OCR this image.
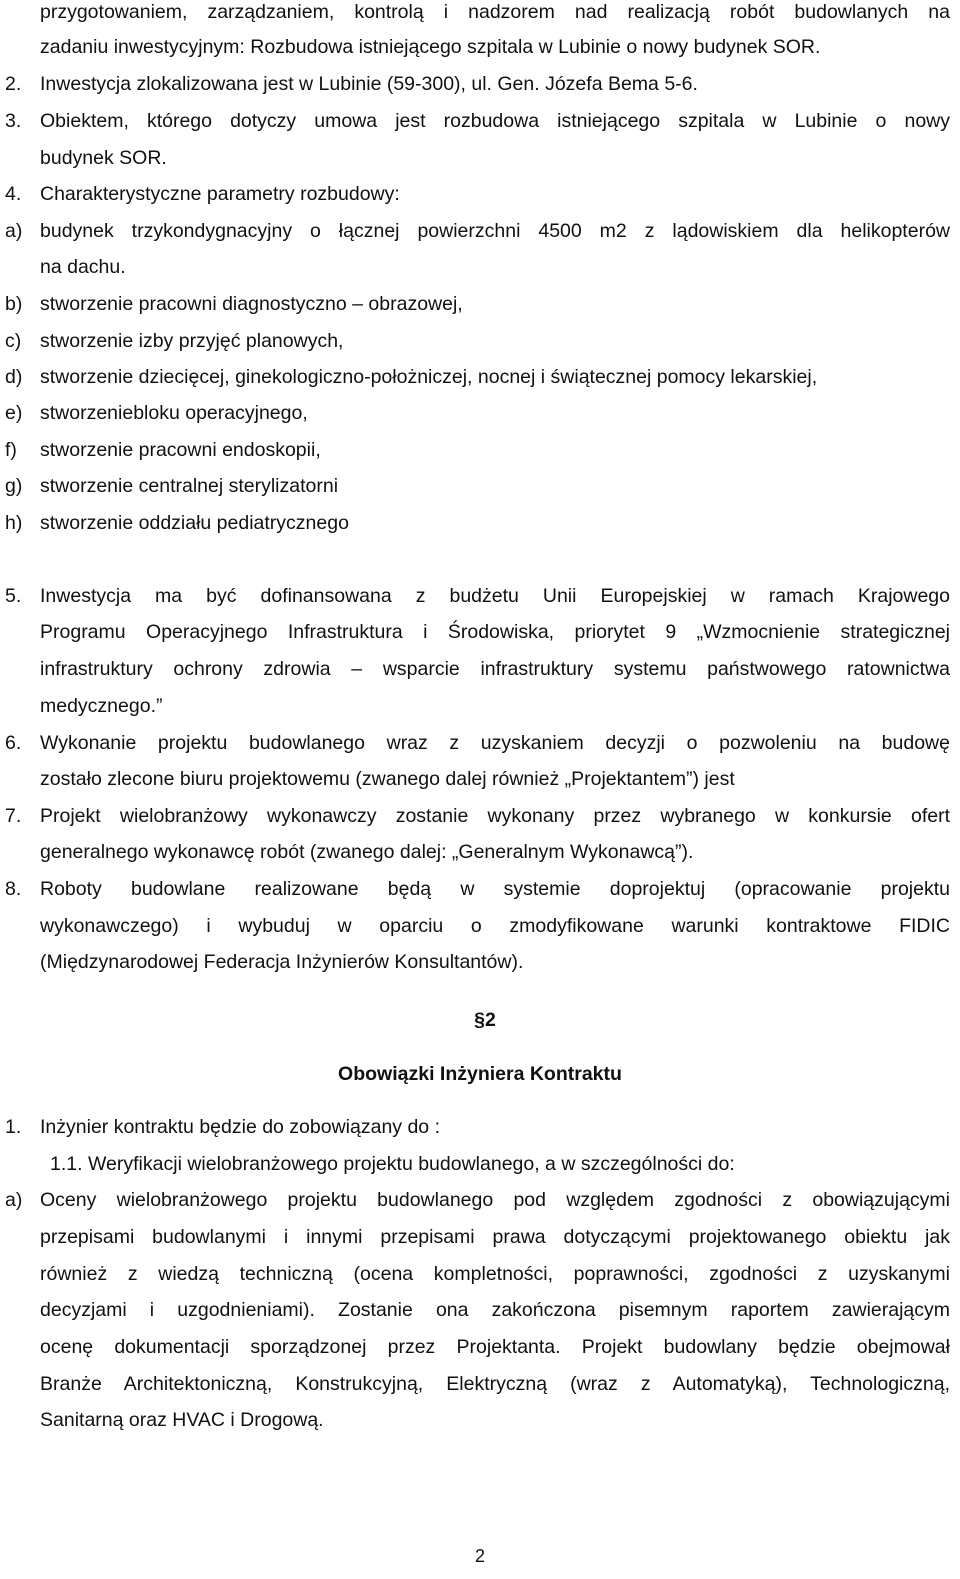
przygotowaniem, zarządzaniem, kontrolą i nadzorem nad realizacją robót budowlanych na
zadaniu inwestycyjnym: Rozbudowa istniejącego szpitala w Lubinie o nowy budynek SOR.
2. Inwestycja zlokalizowana jest w Lubinie (59-300), ul. Gen. Józefa Bema 5-6.
3. Obiektem, którego dotyczy umowa jest rozbudowa istniejącego szpitala w Lubinie o nowy
budynek SOR.
4. Charakterystyczne parametry rozbudowy:
a) budynek trzykondygnacyjny o łącznej powierzchni 4500 m2 z lądowiskiem dla helikopterów
na dachu.
b) stworzenie pracowni diagnostyczno – obrazowej,
c) stworzenie izby przyjęć planowych,
d) stworzenie dziecięcej, ginekologiczno-położniczej, nocnej i świątecznej pomocy lekarskiej,
e) stworzeniebloku operacyjnego,
f) stworzenie pracowni endoskopii,
g) stworzenie centralnej sterylizatorni
h) stworzenie oddziału pediatrycznego
5. Inwestycja ma być dofinansowana z budżetu Unii Europejskiej w ramach Krajowego
Programu Operacyjnego Infrastruktura i Środowiska, priorytet 9 „Wzmocnienie strategicznej
infrastruktury ochrony zdrowia – wsparcie infrastruktury systemu państwowego ratownictwa
medycznego.”
6. Wykonanie projektu budowlanego wraz z uzyskaniem decyzji o pozwoleniu na budowę
zostało zlecone biuru projektowemu (zwanego dalej również „Projektantem”) jest
7. Projekt wielobranżowy wykonawczy zostanie wykonany przez wybranego w konkursie ofert
generalnego wykonawcę robót (zwanego dalej: „Generalnym Wykonawcą”).
8. Roboty budowlane realizowane będą w systemie doprojektuj (opracowanie projektu
wykonawczego) i wybuduj w oparciu o zmodyfikowane warunki kontraktowe FIDIC
(Międzynarodowej Federacja Inżynierów Konsultantów).
§2
Obowiązki Inżyniera Kontraktu
1. Inżynier kontraktu będzie do zobowiązany do :
1.1. Weryfikacji wielobranżowego projektu budowlanego, a w szczególności do:
a) Oceny wielobranżowego projektu budowlanego pod względem zgodności z obowiązującymi
przepisami budowlanymi i innymi przepisami prawa dotyczącymi projektowanego obiektu jak
również z wiedzą techniczną (ocena kompletności, poprawności, zgodności z uzyskanymi
decyzjami i uzgodnieniami). Zostanie ona zakończona pisemnym raportem zawierającym
ocenę dokumentacji sporządzonej przez Projektanta. Projekt budowlany będzie obejmował
Branże Architektoniczną, Konstrukcyjną, Elektryczną (wraz z Automatyką), Technologiczną,
Sanitarną oraz HVAC i Drogową.
2
